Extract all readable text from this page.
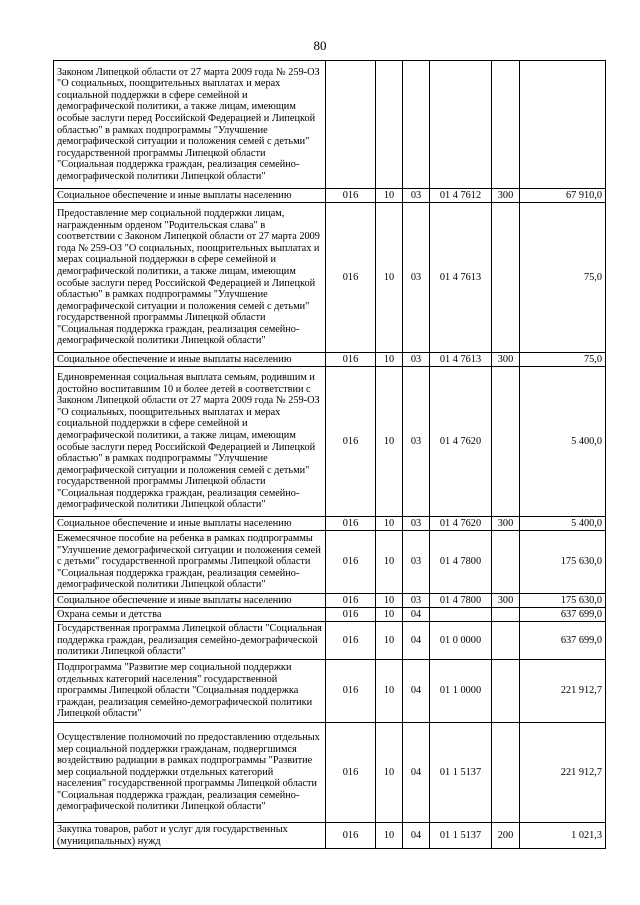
80
Законом Липецкой области от 27 марта 2009 года № 259-ОЗ "О социальных, поощрительных выплатах и мерах социальной поддержки в сфере семейной и демографической политики, а также лицам, имеющим особые заслуги перед Российской Федерацией и Липецкой областью" в рамках подпрограммы "Улучшение демографической ситуации и положения семей с детьми" государственной программы Липецкой области "Социальная поддержка граждан, реализация семейно-демографической политики Липецкой области"						
Социальное обеспечение и иные выплаты населению	016	10	03	01 4 7612	300	67 910,0
Предоставление мер социальной поддержки лицам, награжденным орденом "Родительская слава" в соответствии с Законом Липецкой области от 27 марта 2009 года № 259-ОЗ "О социальных, поощрительных выплатах и мерах социальной поддержки в сфере семейной и демографической политики, а также лицам, имеющим особые заслуги перед Российской Федерацией и Липецкой областью" в рамках подпрограммы "Улучшение демографической ситуации и положения семей с детьми" государственной программы Липецкой области "Социальная поддержка граждан, реализация семейно-демографической политики Липецкой области"	016	10	03	01 4 7613		75,0
Социальное обеспечение и иные выплаты населению	016	10	03	01 4 7613	300	75,0
Единовременная социальная выплата семьям, родившим и достойно воспитавшим 10 и более детей в соответствии с Законом Липецкой области от 27 марта 2009 года № 259-ОЗ "О социальных, поощрительных выплатах и мерах социальной поддержки в сфере семейной и демографической политики, а также лицам, имеющим особые заслуги перед Российской Федерацией и Липецкой областью" в рамках подпрограммы "Улучшение демографической ситуации и положения семей с детьми" государственной программы Липецкой области "Социальная поддержка граждан, реализация семейно-демографической политики Липецкой области"	016	10	03	01 4 7620		5 400,0
Социальное обеспечение и иные выплаты населению	016	10	03	01 4 7620	300	5 400,0
Ежемесячное пособие на ребенка в рамках подпрограммы "Улучшение демографической ситуации и положения семей с детьми" государственной программы Липецкой области "Социальная поддержка граждан, реализация семейно-демографической политики Липецкой области"	016	10	03	01 4 7800		175 630,0
Социальное обеспечение и иные выплаты населению	016	10	03	01 4 7800	300	175 630,0
Охрана семьи и детства	016	10	04			637 699,0
Государственная программа Липецкой области "Социальная поддержка граждан, реализация семейно-демографической политики Липецкой области"	016	10	04	01 0 0000		637 699,0
Подпрограмма "Развитие мер социальной поддержки отдельных категорий населения" государственной программы Липецкой области "Социальная поддержка граждан, реализация семейно-демографической политики Липецкой области"	016	10	04	01 1 0000		221 912,7
Осуществление полномочий по предоставлению отдельных мер социальной поддержки гражданам, подвергшимся воздействию радиации в рамках подпрограммы "Развитие мер социальной поддержки отдельных категорий населения" государственной программы Липецкой области "Социальная поддержка граждан, реализация семейно-демографической политики Липецкой области"	016	10	04	01 1 5137		221 912,7
Закупка товаров, работ и услуг для государственных (муниципальных) нужд	016	10	04	01 1 5137	200	1 021,3
